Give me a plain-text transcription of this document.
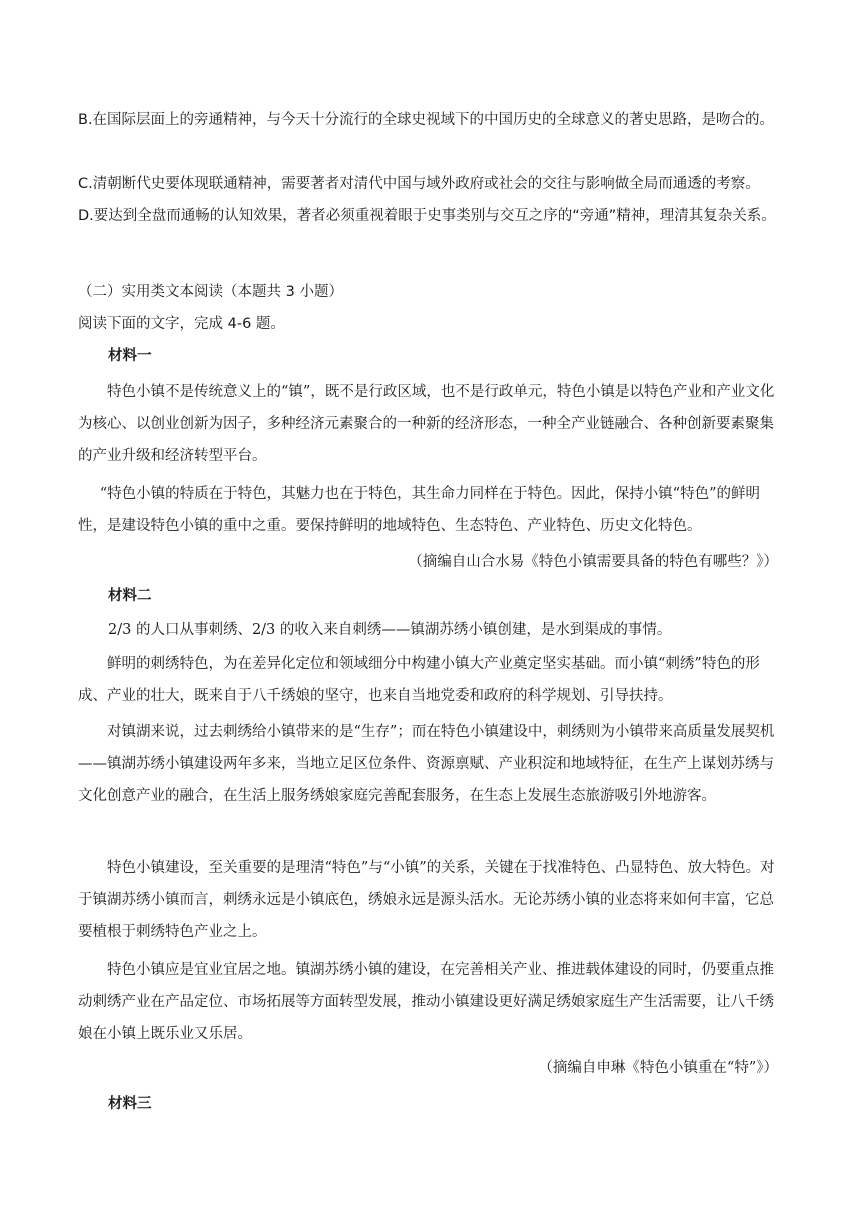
B.在国际层面上的旁通精神，与今天十分流行的全球史视域下的中国历史的全球意义的著史思路，是吻合的。

C.清朝断代史要体现联通精神，需要著者对清代中国与域外政府或社会的交往与影响做全局而通透的考察。

D.要达到全盘而通畅的认知效果，著者必须重视着眼于史事类别与交互之序的“旁通”精神，理清其复杂关系。

（二）实用类文本阅读（本题共 3 小题）

阅读下面的文字，完成 4-6 题。

材料一

特色小镇不是传统意义上的“镇”，既不是行政区域，也不是行政单元，特色小镇是以特色产业和产业文化为核心、以创业创新为因子，多种经济元素聚合的一种新的经济形态，一种全产业链融合、各种创新要素聚集的产业升级和经济转型平台。

“特色小镇的特质在于特色，其魅力也在于特色，其生命力同样在于特色。因此，保持小镇“特色”的鲜明性，是建设特色小镇的重中之重。要保持鲜明的地域特色、生态特色、产业特色、历史文化特色。

（摘编自山合水易《特色小镇需要具备的特色有哪些？》）

材料二

2/3 的人口从事刺绣、2/3 的收入来自刺绣——镇湖苏绣小镇创建，是水到渠成的事情。

鲜明的刺绣特色，为在差异化定位和领域细分中构建小镇大产业奠定坚实基础。而小镇“刺绣”特色的形成、产业的壮大，既来自于八千绣娘的坚守，也来自当地党委和政府的科学规划、引导扶持。

对镇湖来说，过去刺绣给小镇带来的是“生存”；而在特色小镇建设中，刺绣则为小镇带来高质量发展契机——镇湖苏绣小镇建设两年多来，当地立足区位条件、资源禀赋、产业积淀和地域特征，在生产上谋划苏绣与文化创意产业的融合，在生活上服务绣娘家庭完善配套服务，在生态上发展生态旅游吸引外地游客。

特色小镇建设，至关重要的是理清“特色”与“小镇”的关系，关键在于找准特色、凸显特色、放大特色。对于镇湖苏绣小镇而言，刺绣永远是小镇底色，绣娘永远是源头活水。无论苏绣小镇的业态将来如何丰富，它总要植根于刺绣特色产业之上。

特色小镇应是宜业宜居之地。镇湖苏绣小镇的建设，在完善相关产业、推进载体建设的同时，仍要重点推动刺绣产业在产品定位、市场拓展等方面转型发展，推动小镇建设更好满足绣娘家庭生产生活需要，让八千绣娘在小镇上既乐业又乐居。

（摘编自申琳《特色小镇重在“特”》）

材料三
